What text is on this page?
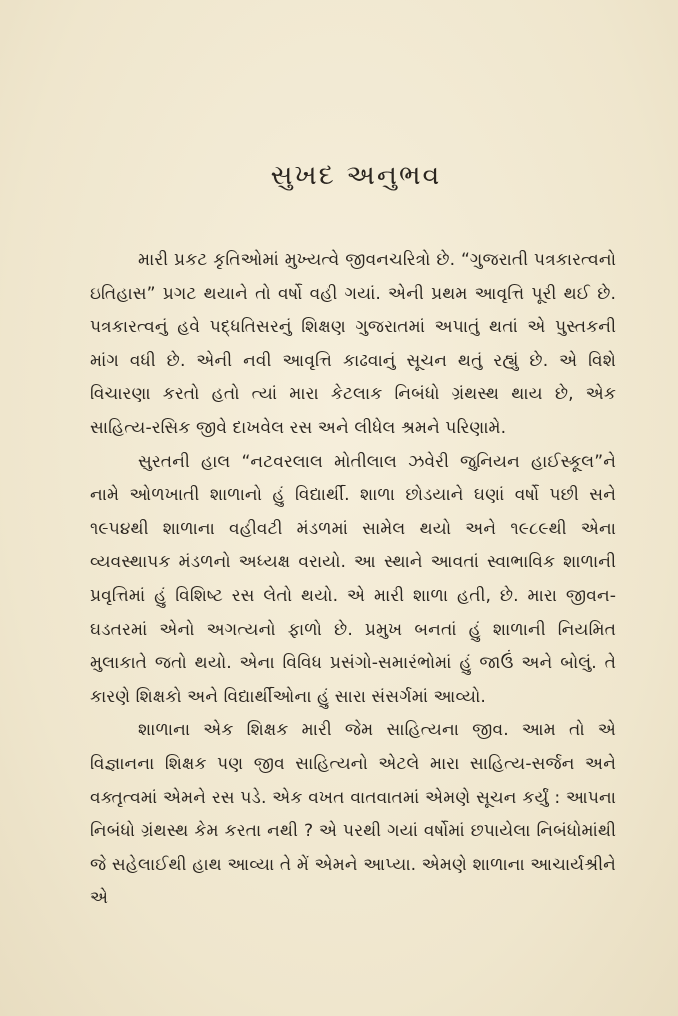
સુખદ અનુભવ

મારી પ્રકટ કૃતિઓમાં મુખ્યત્વે જીવનચરિત્રો છે. “ગુજરાતી પત્રકારત્વનો ઇતિહાસ” પ્રગટ થયાને તો વર્ષો વહી ગયાં. એની પ્રથમ આવૃત્તિ પૂરી થઈ છે. પત્રકારત્વનું હવે પદ્ધતિસરનું શિક્ષણ ગુજરાતમાં અપાતું થતાં એ પુસ્તકની માંગ વધી છે. એની નવી આવૃત્તિ કાઢવાનું સૂચન થતું રહ્યું છે. એ વિશે વિચારણા કરતો હતો ત્યાં મારા કેટલાક નિબંધો ગ્રંથસ્થ થાય છે, એક સાહિત્ય-રસિક જીવે દાખવેલ રસ અને લીધેલ શ્રમને પરિણામે.

સુરતની હાલ “નટવરલાલ મોતીલાલ ઝવેરી જુનિયન હાઈસ્કૂલ”ને નામે ઓળખાતી શાળાનો હું વિદ્યાર્થી. શાળા છોડયાને ઘણાં વર્ષો પછી સને ૧૯૫૪થી શાળાના વહીવટી મંડળમાં સામેલ થયો અને ૧૯૮૯થી એના વ્યવસ્થાપક મંડળનો અધ્યક્ષ વરાયો. આ સ્થાને આવતાં સ્વાભાવિક શાળાની પ્રવૃત્તિમાં હું વિશિષ્ટ રસ લેતો થયો. એ મારી શાળા હતી, છે. મારા જીવન-ઘડતરમાં એનો અગત્યનો ફાળો છે. પ્રમુખ બનતાં હું શાળાની નિયમિત મુલાકાતે જતો થયો. એના વિવિધ પ્રસંગો-સમારંભોમાં હું જાઉં અને બોલું. તે કારણે શિક્ષકો અને વિદ્યાર્થીઓના હું સારા સંસર્ગમાં આવ્યો.

શાળાના એક શિક્ષક મારી જેમ સાહિત્યના જીવ. આમ તો એ વિજ્ઞાનના શિક્ષક પણ જીવ સાહિત્યનો એટલે મારા સાહિત્ય-સર્જન અને વક્તૃત્વમાં એમને રસ પડે. એક વખત વાતવાતમાં એમણે સૂચન કર્યું : આપના નિબંધો ગ્રંથસ્થ કેમ કરતા નથી ? એ પરથી ગયાં વર્ષોમાં છપાયેલા નિબંધોમાંથી જે સહેલાઈથી હાથ આવ્યા તે મેં એમને આપ્યા. એમણે શાળાના આચાર્યશ્રીને એ
